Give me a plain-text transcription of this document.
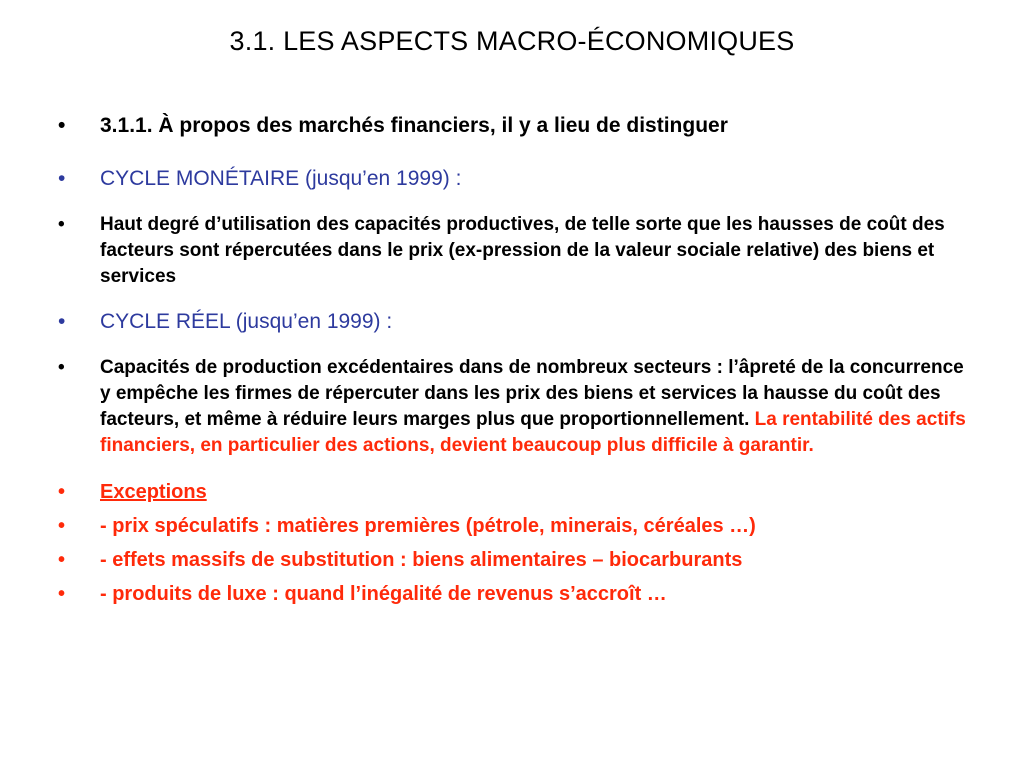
3.1. LES ASPECTS MACRO-ÉCONOMIQUES
•	3.1.1. À propos des marchés financiers, il y a lieu de distinguer
•	CYCLE MONÉTAIRE (jusqu’en 1999) :
•	Haut degré d’utilisation des capacités productives, de telle sorte que les hausses de coût des facteurs sont répercutées dans le prix (ex-pression de la valeur sociale relative) des biens et services
•	CYCLE RÉEL (jusqu’en 1999) :
•	Capacités de production excédentaires dans de nombreux secteurs : l’âpreté de la concurrence y empêche les firmes de répercuter dans les prix des biens et services la hausse du coût des facteurs, et même à réduire leurs marges plus que proportionnellement. La rentabilité des actifs financiers, en particulier des actions, devient beaucoup plus difficile à garantir.
•	Exceptions
•	- prix spéculatifs : matières premières (pétrole, minerais, céréales …)
•	- effets massifs de substitution : biens alimentaires – biocarburants
•	- produits de luxe : quand l’inégalité de revenus s’accroît …
